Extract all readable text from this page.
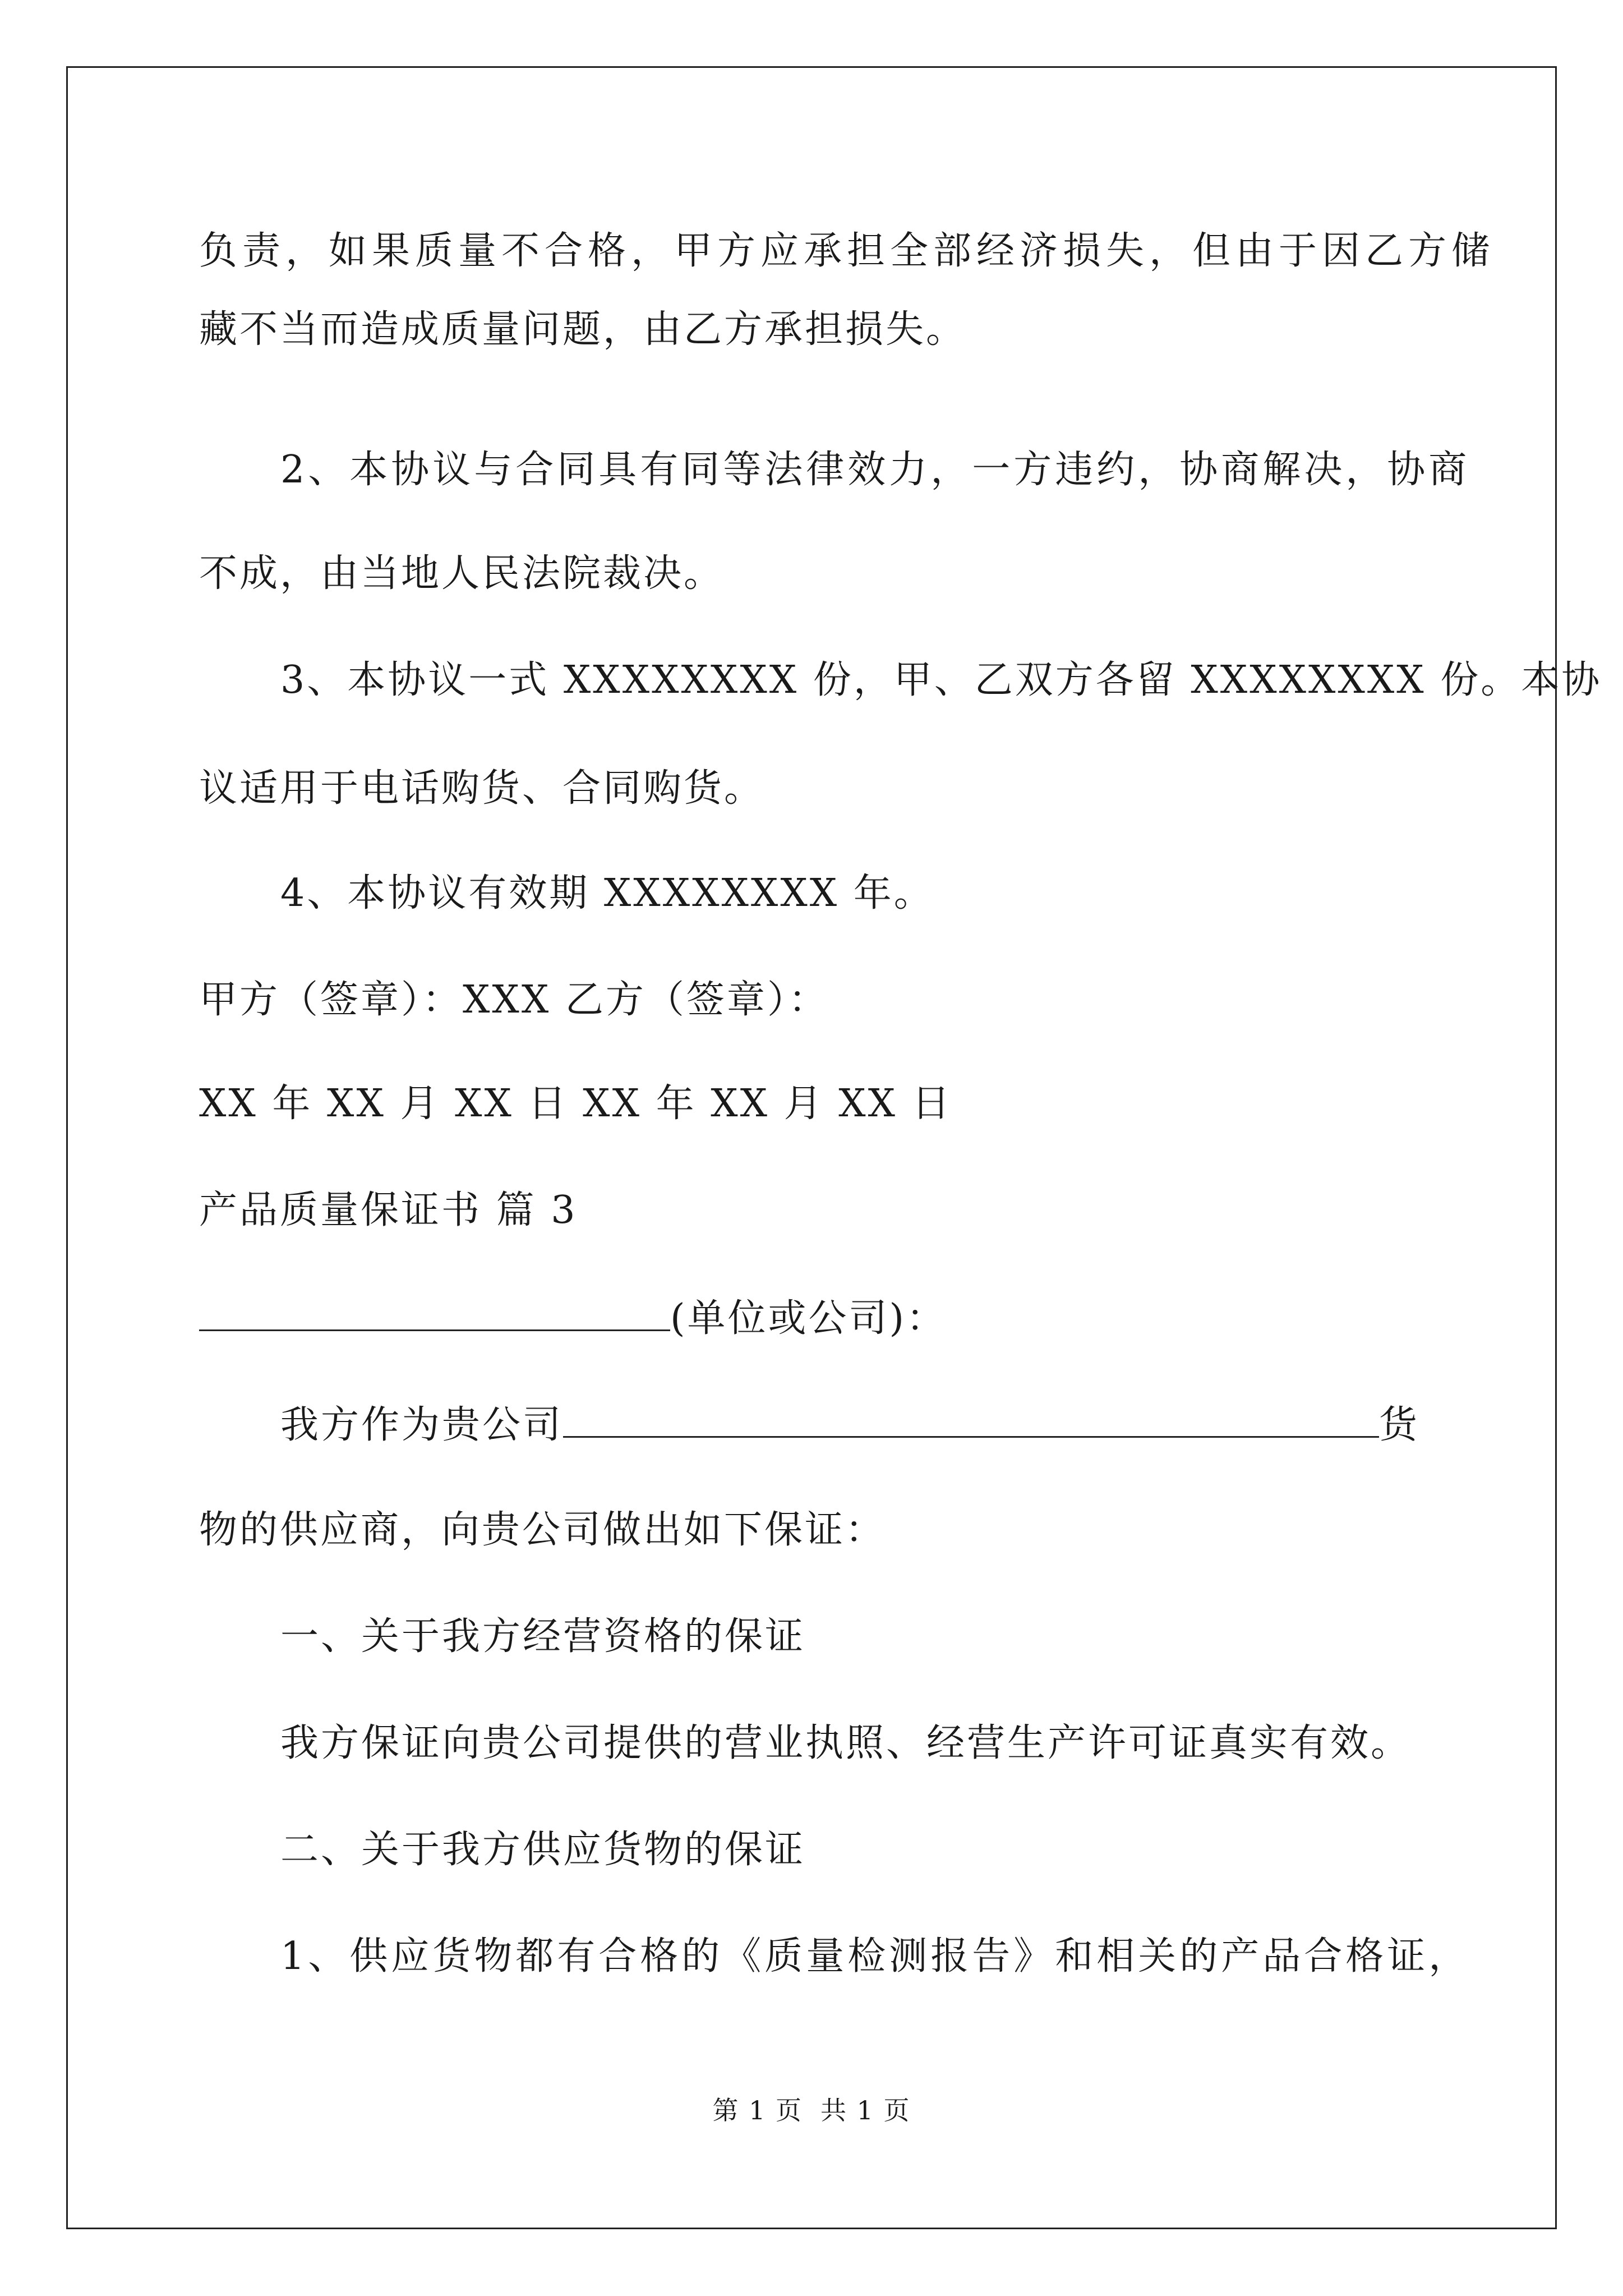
负责，如果质量不合格，甲方应承担全部经济损失，但由于因乙方储
藏不当而造成质量问题，由乙方承担损失。
2、本协议与合同具有同等法律效力，一方违约，协商解决，协商
不成，由当地人民法院裁决。
3、本协议一式 XXXXXXXX 份，甲、乙双方各留 XXXXXXXX 份。本协
议适用于电话购货、合同购货。
4、本协议有效期 XXXXXXXX 年。
甲方（签章）：XXX 乙方（签章）：
XX 年 XX 月 XX 日 XX 年 XX 月 XX 日
产品质量保证书 篇 3
(单位或公司)：
我方作为贵公司	货
物的供应商，向贵公司做出如下保证：
一、关于我方经营资格的保证
我方保证向贵公司提供的营业执照、经营生产许可证真实有效。
二、关于我方供应货物的保证
1、供应货物都有合格的《质量检测报告》和相关的产品合格证，
第 1 页 共 1 页
